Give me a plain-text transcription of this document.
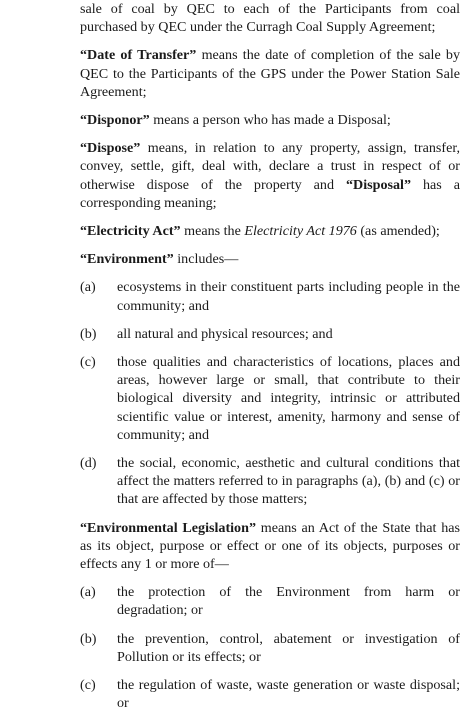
sale of coal by QEC to each of the Participants from coal purchased by QEC under the Curragh Coal Supply Agreement;

“Date of Transfer” means the date of completion of the sale by QEC to the Participants of the GPS under the Power Station Sale Agreement;

“Disponor” means a person who has made a Disposal;

“Dispose” means, in relation to any property, assign, transfer, convey, settle, gift, deal with, declare a trust in respect of or otherwise dispose of the property and “Disposal” has a corresponding meaning;

“Electricity Act” means the Electricity Act 1976 (as amended);

“Environment” includes—

(a)	ecosystems in their constituent parts including people in the community; and
(b)	all natural and physical resources; and
(c)	those qualities and characteristics of locations, places and areas, however large or small, that contribute to their biological diversity and integrity, intrinsic or attributed scientific value or interest, amenity, harmony and sense of community; and
(d)	the social, economic, aesthetic and cultural conditions that affect the matters referred to in paragraphs (a), (b) and (c) or that are affected by those matters;

“Environmental Legislation” means an Act of the State that has as its object, purpose or effect or one of its objects, purposes or effects any 1 or more of—

(a)	the protection of the Environment from harm or degradation; or
(b)	the prevention, control, abatement or investigation of Pollution or its effects; or
(c)	the regulation of waste, waste generation or waste disposal; or
